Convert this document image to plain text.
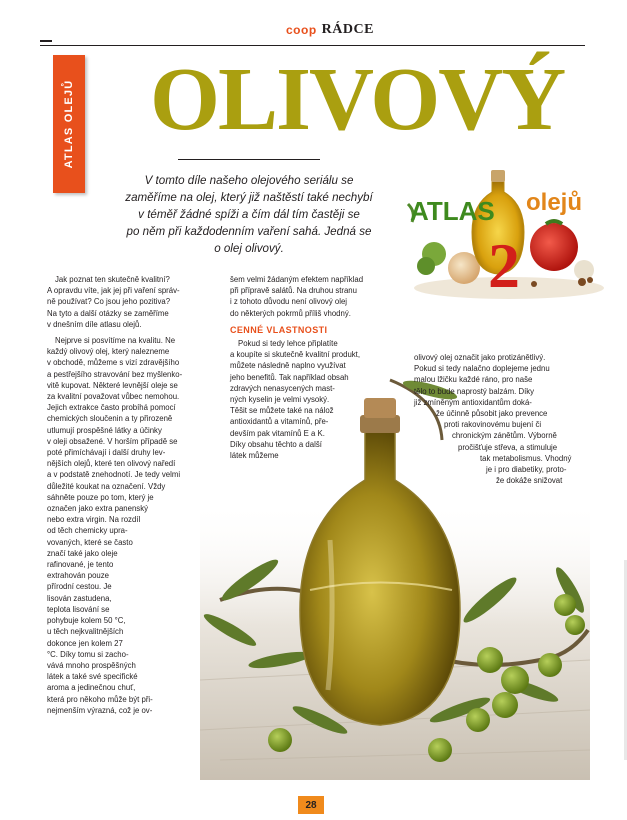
coop RÁDCE
ATLAS OLEJŮ OLIVOVÝ
V tomto díle našeho olejového seriálu se
zaměříme na olej, který již naštěstí také nechybí
v téměř žádné spíži a čím dál tím častěji se
po něm při každodenním vaření sahá. Jedná se
o olej olivový.
ATLAS olejů
2
Jak poznat ten skutečně kvalitní?
A opravdu víte, jak jej při vaření správ-
ně používat? Co jsou jeho pozitiva?
Na tyto a další otázky se zaměříme
v dnešním díle atlasu olejů.
Nejprve si posvítíme na kvalitu. Ne
každý olivový olej, který nalezneme
v obchodě, můžeme s vizí zdravějšího
a pestřejšího stravování bez myšlenko-
vitě kupovat. Některé levnější oleje se
za kvalitní považovat vůbec nemohou.
Jejich extrakce často probíhá pomocí
chemických sloučenin a ty přirozeně
utlumují prospěšné látky a účinky
v oleji obsažené. V horším případě se
poté přimíchávají i další druhy lev-
nějších olejů, které ten olivový naředí
a v podstatě znehodnotí. Je tedy velmi
důležité koukat na označení. Vždy
sáhněte pouze po tom, který je
označen jako extra panenský
nebo extra virgin. Na rozdíl
od těch chemicky upra-
vovaných, které se často
značí také jako oleje
rafinované, je tento
extrahován pouze
přírodní cestou. Je
lisován zastudena,
teplota lisování se
pohybuje kolem 50 °C,
u těch nejkvalitnějších
dokonce jen kolem 27
°C. Díky tomu si zacho-
vává mnoho prospěšných
látek a také své specifické
aroma a jedinečnou chuť,
která pro někoho může být při-
nejmenším výrazná, což je ov-
šem velmi žádaným efektem například
při přípravě salátů. Na druhou stranu
i z tohoto důvodu není olivový olej
do některých pokrmů příliš vhodný.
CENNÉ VLASTNOSTI
Pokud si tedy lehce připlatíte
a koupíte si skutečně kvalitní produkt,
můžete následně naplno využívat
jeho benefitů. Tak například obsah
zdravých nenasycených mast-
ných kyselin je velmi vysoký.
Těšit se můžete také na nálož
antioxidantů a vitamínů, pře-
devším pak vitamínů E a K.
Díky obsahu těchto a další
látek můžeme
olivový olej označit jako protizánětlivý.
Pokud si tedy nalačno doplejeme jednu
malou lžičku každé ráno, pro naše
tělo to bude naprostý balzám. Díky
již zmíněným antioxidantům doká-
že účinně působit jako prevence
proti rakovinovému bujení či
chronickým zánětům. Výborně
pročišťuje střeva, a stimuluje
tak metabolismus. Vhodný
je i pro diabetiky, proto-
že dokáže snižovat
28
